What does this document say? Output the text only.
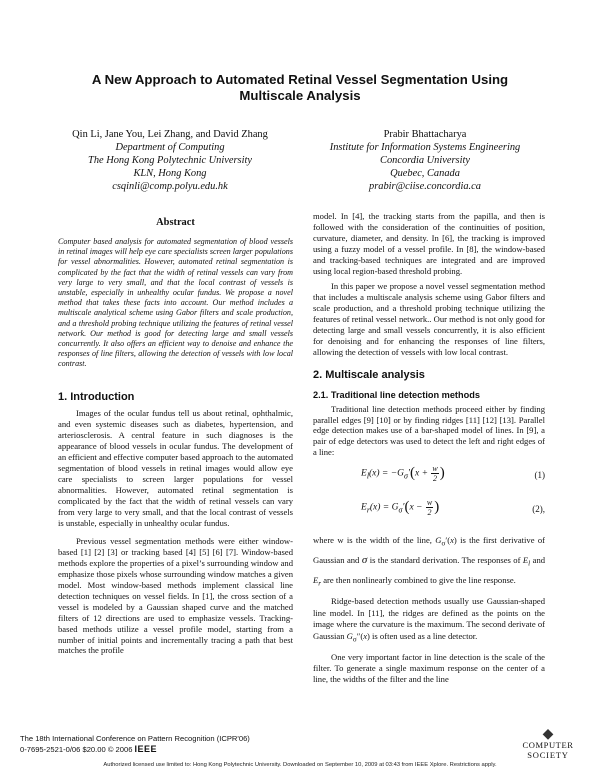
A New Approach to Automated Retinal Vessel Segmentation Using Multiscale Analysis
Qin Li, Jane You, Lei Zhang, and David Zhang
Department of Computing
The Hong Kong Polytechnic University
KLN, Hong Kong
csqinli@comp.polyu.edu.hk
Prabir Bhattacharya
Institute for Information Systems Engineering
Concordia University
Quebec, Canada
prabir@ciise.concordia.ca
Abstract

Computer based analysis for automated segmentation of blood vessels in retinal images will help eye care specialists screen larger populations for vessel abnormalities. However, automated retinal segmentation is complicated by the fact that the width of retinal vessels can vary from very large to very small, and that the local contrast of vessels is unstable, especially in unhealthy ocular fundus. We propose a novel method that takes these facts into account. Our method includes a multiscale analytical scheme using Gabor filters and scale production, and a threshold probing technique utilizing the features of retinal vessel network. Our method is good for detecting large and small vessels concurrently. It also offers an efficient way to denoise and enhance the responses of line filters, allowing the detection of vessels with low local contrast.

1. Introduction

Images of the ocular fundus tell us about retinal, ophthalmic, and even systemic diseases such as diabetes, hypertension, and arteriosclerosis. A central feature in such diagnoses is the appearance of blood vessels in ocular fundus. The development of an efficient and effective computer based approach to the automated segmentation of blood vessels in retinal images would allow eye care specialists to screen larger populations for vessel abnormalities. However, automated retinal segmentation is complicated by the fact that the width of retinal vessels can vary from very large to very small, and that the local contrast of vessels is unstable, especially in unhealthy ocular fundus.

Previous vessel segmentation methods were either window-based [1] [2] [3] or tracking based [4] [5] [6] [7]. Window-based methods explore the properties of a pixel’s surrounding window and emphasize those pixels whose surrounding window matches a given model. Most window-based methods implement classical line detection techniques on vessel fields. In [1], the cross section of a vessel is modeled by a Gaussian shaped curve and the matched filters of 12 directions are used to emphasize vessels. Tracking-based methods utilize a vessel profile model, starting from a number of initial points and incrementally tracing a path that best matches the profile

model. In [4], the tracking starts from the papilla, and then is followed with the consideration of the continuities of position, curvature, diameter, and density. In [6], the tracking is improved using a fuzzy model of a vessel profile. In [8], the window-based and tracking-based techniques are integrated and are improved using local region-based threshold probing.

In this paper we propose a novel vessel segmentation method that includes a multiscale analysis scheme using Gabor filters and scale production, and a threshold probing technique utilizing the features of retinal vessel network.. Our method is not only good for detecting large and small vessels concurrently, it is also efficient for denoising and for enhancing the responses of line filters, allowing the detection of vessels with low local contrast.

2. Multiscale analysis
2.1. Traditional line detection methods

Traditional line detection methods proceed either by finding parallel edges [9] [10] or by finding ridges [11] [12] [13]. Parallel edge detection makes use of a bar-shaped model of lines. In [9], a pair of edge detectors was used to detect the left and right edges of a line:

$E_l(x) = -G_\sigma'(x + \frac{w}{2}$ )	(1)
$E_r(x) = G_\sigma'(x - \frac{w}{2}$ )	(2),

where w is the width of the line, $G_\sigma'(x)$ is the first derivative of Gaussian and σ is the standard derivation. The responses of $E_l$ and $E_r$ are then nonlinearly combined to give the line response.

Ridge-based detection methods usually use Gaussian-shaped line model. In [11], the ridges are defined as the points on the image where the curvature is the maximum. The second derivate of Gaussian $G_\sigma''(x)$ is often used as a line detector.

One very important factor in line detection is the scale of the filter. To generate a single maximum response on the center of a line, the widths of the filter and the line

The 18th International Conference on Pattern Recognition (ICPR'06)
0-7695-2521-0/06 $20.00 © 2006 IEEE
◆
COMPUTER
SOCIETY
Authorized licensed use limited to: Hong Kong Polytechnic University. Downloaded on September 10, 2009 at 03:43 from IEEE Xplore. Restrictions apply.
